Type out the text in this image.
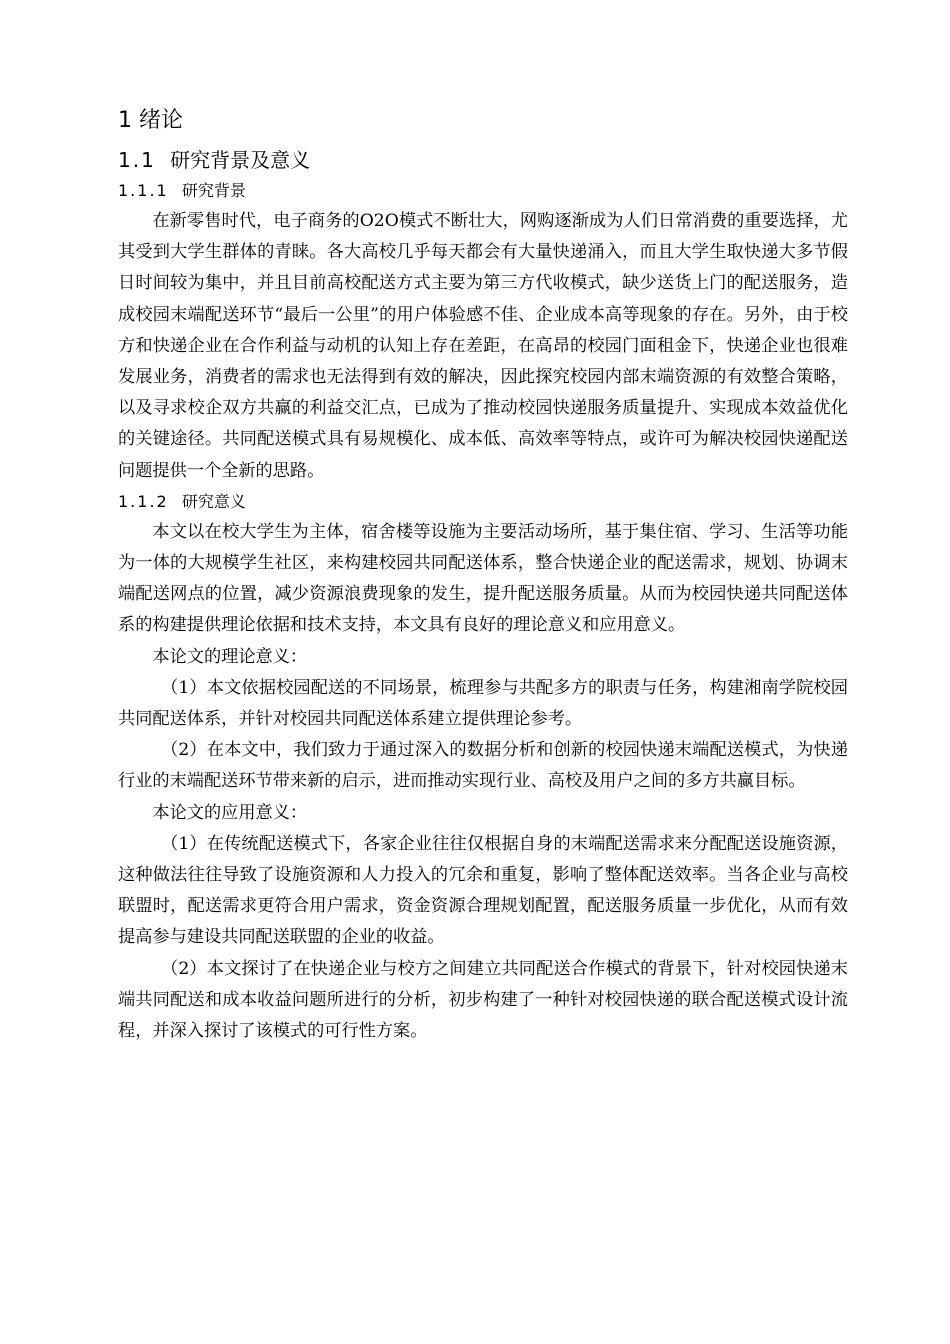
1 绪论
1.1 研究背景及意义
1.1.1 研究背景

在新零售时代，电子商务的O2O模式不断壮大，网购逐渐成为人们日常消费的重要选择，尤其受到大学生群体的青睐。各大高校几乎每天都会有大量快递涌入，而且大学生取快递大多节假日时间较为集中，并且目前高校配送方式主要为第三方代收模式，缺少送货上门的配送服务，造成校园末端配送环节“最后一公里”的用户体验感不佳、企业成本高等现象的存在。另外，由于校方和快递企业在合作利益与动机的认知上存在差距，在高昂的校园门面租金下，快递企业也很难发展业务，消费者的需求也无法得到有效的解决，因此探究校园内部末端资源的有效整合策略，以及寻求校企双方共赢的利益交汇点，已成为了推动校园快递服务质量提升、实现成本效益优化的关键途径。共同配送模式具有易规模化、成本低、高效率等特点，或许可为解决校园快递配送问题提供一个全新的思路。

1.1.2 研究意义

本文以在校大学生为主体，宿舍楼等设施为主要活动场所，基于集住宿、学习、生活等功能为一体的大规模学生社区，来构建校园共同配送体系，整合快递企业的配送需求，规划、协调末端配送网点的位置，减少资源浪费现象的发生，提升配送服务质量。从而为校园快递共同配送体系的构建提供理论依据和技术支持，本文具有良好的理论意义和应用意义。

本论文的理论意义：

（1）本文依据校园配送的不同场景，梳理参与共配多方的职责与任务，构建湘南学院校园共同配送体系，并针对校园共同配送体系建立提供理论参考。

（2）在本文中，我们致力于通过深入的数据分析和创新的校园快递末端配送模式，为快递行业的末端配送环节带来新的启示，进而推动实现行业、高校及用户之间的多方共赢目标。

本论文的应用意义：

（1）在传统配送模式下，各家企业往往仅根据自身的末端配送需求来分配配送设施资源，这种做法往往导致了设施资源和人力投入的冗余和重复，影响了整体配送效率。当各企业与高校联盟时，配送需求更符合用户需求，资金资源合理规划配置，配送服务质量一步优化，从而有效提高参与建设共同配送联盟的企业的收益。

（2）本文探讨了在快递企业与校方之间建立共同配送合作模式的背景下，针对校园快递末端共同配送和成本收益问题所进行的分析，初步构建了一种针对校园快递的联合配送模式设计流程，并深入探讨了该模式的可行性方案。
